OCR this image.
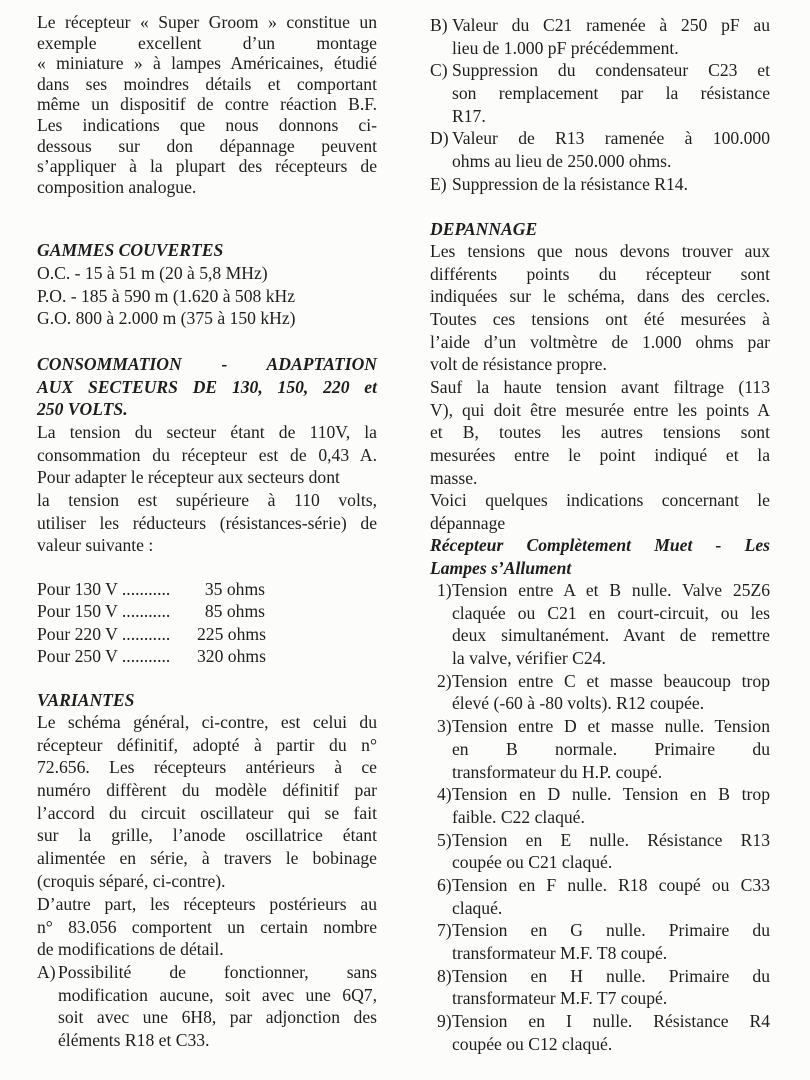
Le récepteur « Super Groom » constitue un
exemple excellent d’un montage
« miniature » à lampes Américaines, étudié
dans ses moindres détails et comportant
même un dispositif de contre réaction B.F.
Les indications que nous donnons ci-
dessous sur don dépannage peuvent
s’appliquer à la plupart des récepteurs de
composition analogue.
GAMMES COUVERTES
O.C. - 15 à 51 m (20 à 5,8 MHz)
P.O. - 185 à 590 m (1.620 à 508 kHz
G.O. 800 à 2.000 m (375 à 150 kHz)
CONSOMMATION - ADAPTATION
AUX SECTEURS DE 130, 150, 220 et
250 VOLTS.
La tension du secteur étant de 110V, la
consommation du récepteur est de 0,43 A.
Pour adapter le récepteur aux secteurs dont
la tension est supérieure à 110 volts,
utiliser les réducteurs (résistances-série) de
valeur suivante :
Pour 130 V ...........	35 ohms
Pour 150 V ...........	85 ohms
Pour 220 V ...........	225 ohms
Pour 250 V ...........	320 ohms
VARIANTES
Le schéma général, ci-contre, est celui du
récepteur définitif, adopté à partir du n°
72.656. Les récepteurs antérieurs à ce
numéro diffèrent du modèle définitif par
l’accord du circuit oscillateur qui se fait
sur la grille, l’anode oscillatrice étant
alimentée en série, à travers le bobinage
(croquis séparé, ci-contre).
D’autre part, les récepteurs postérieurs au
n° 83.056 comportent un certain nombre
de modifications de détail.
A) Possibilité de fonctionner, sans
modification aucune, soit avec une 6Q7,
soit avec une 6H8, par adjonction des
éléments R18 et C33.
B) Valeur du C21 ramenée à 250 pF au
lieu de 1.000 pF précédemment.
C) Suppression du condensateur C23 et
son remplacement par la résistance
R17.
D) Valeur de R13 ramenée à 100.000
ohms au lieu de 250.000 ohms.
E) Suppression de la résistance R14.
DEPANNAGE
Les tensions que nous devons trouver aux
différents points du récepteur sont
indiquées sur le schéma, dans des cercles.
Toutes ces tensions ont été mesurées à
l’aide d’un voltmètre de 1.000 ohms par
volt de résistance propre.
Sauf la haute tension avant filtrage (113
V), qui doit être mesurée entre les points A
et B, toutes les autres tensions sont
mesurées entre le point indiqué et la
masse.
Voici quelques indications concernant le
dépannage
Récepteur Complètement Muet - Les
Lampes s’Allument
1) Tension entre A et B nulle. Valve 25Z6
claquée ou C21 en court-circuit, ou les
deux simultanément. Avant de remettre
la valve, vérifier C24.
2) Tension entre C et masse beaucoup trop
élevé (-60 à -80 volts). R12 coupée.
3) Tension entre D et masse nulle. Tension
en B normale. Primaire du
transformateur du H.P. coupé.
4) Tension en D nulle. Tension en B trop
faible. C22 claqué.
5) Tension en E nulle. Résistance R13
coupée ou C21 claqué.
6) Tension en F nulle. R18 coupé ou C33
claqué.
7) Tension en G nulle. Primaire du
transformateur M.F. T8 coupé.
8) Tension en H nulle. Primaire du
transformateur M.F. T7 coupé.
9) Tension en I nulle. Résistance R4
coupée ou C12 claqué.
